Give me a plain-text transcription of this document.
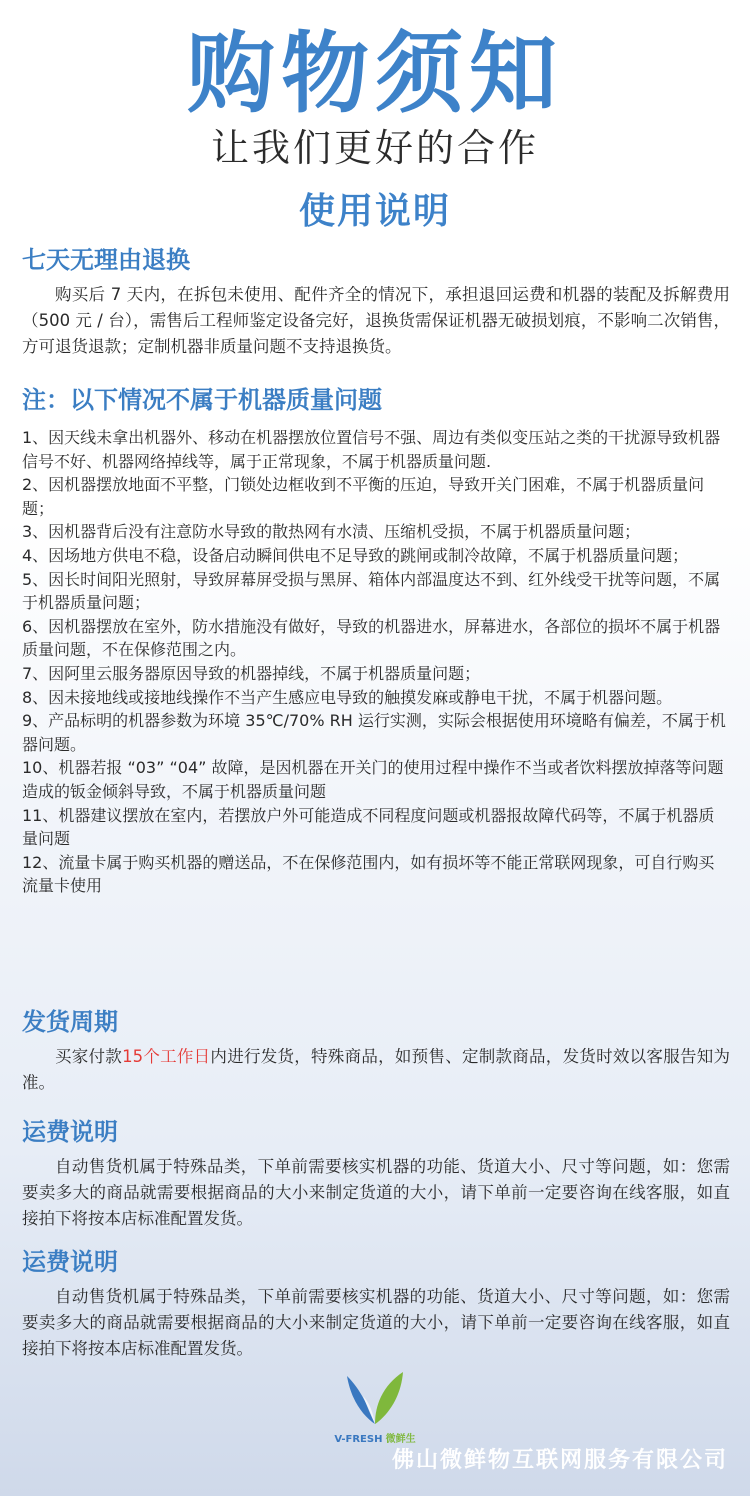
购物须知
让我们更好的合作
使用说明
七天无理由退换
购买后 7 天内，在拆包未使用、配件齐全的情况下，承担退回运费和机器的装配及拆解费用（500 元 / 台），需售后工程师鉴定设备完好，退换货需保证机器无破损划痕，不影响二次销售，方可退货退款；定制机器非质量问题不支持退换货。
注：以下情况不属于机器质量问题
1、因天线未拿出机器外、移动在机器摆放位置信号不强、周边有类似变压站之类的干扰源导致机器信号不好、机器网络掉线等，属于正常现象，不属于机器质量问题.
2、因机器摆放地面不平整，门锁处边框收到不平衡的压迫，导致开关门困难，不属于机器质量问题；
3、因机器背后没有注意防水导致的散热网有水渍、压缩机受损，不属于机器质量问题；
4、因场地方供电不稳，设备启动瞬间供电不足导致的跳闸或制冷故障，不属于机器质量问题；
5、因长时间阳光照射，导致屏幕屏受损与黑屏、箱体内部温度达不到、红外线受干扰等问题，不属于机器质量问题；
6、因机器摆放在室外，防水措施没有做好，导致的机器进水，屏幕进水，各部位的损坏不属于机器质量问题，不在保修范围之内。
7、因阿里云服务器原因导致的机器掉线，不属于机器质量问题；
8、因未接地线或接地线操作不当产生感应电导致的触摸发麻或静电干扰，不属于机器问题。
9、产品标明的机器参数为环境 35℃/70% RH 运行实测，实际会根据使用环境略有偏差，不属于机器问题。
10、机器若报 “03” “04” 故障，是因机器在开关门的使用过程中操作不当或者饮料摆放掉落等问题造成的钣金倾斜导致，不属于机器质量问题
11、机器建议摆放在室内，若摆放户外可能造成不同程度问题或机器报故障代码等，不属于机器质量问题
12、流量卡属于购买机器的赠送品，不在保修范围内，如有损坏等不能正常联网现象，可自行购买流量卡使用
发货周期
买家付款15个工作日内进行发货，特殊商品，如预售、定制款商品，发货时效以客服告知为准。
运费说明
自动售货机属于特殊品类，下单前需要核实机器的功能、货道大小、尺寸等问题，如：您需要卖多大的商品就需要根据商品的大小来制定货道的大小，请下单前一定要咨询在线客服，如直接拍下将按本店标准配置发货。
运费说明
自动售货机属于特殊品类，下单前需要核实机器的功能、货道大小、尺寸等问题，如：您需要卖多大的商品就需要根据商品的大小来制定货道的大小，请下单前一定要咨询在线客服，如直接拍下将按本店标准配置发货。
V-FRESH 微鲜生
佛山微鲜物互联网服务有限公司
